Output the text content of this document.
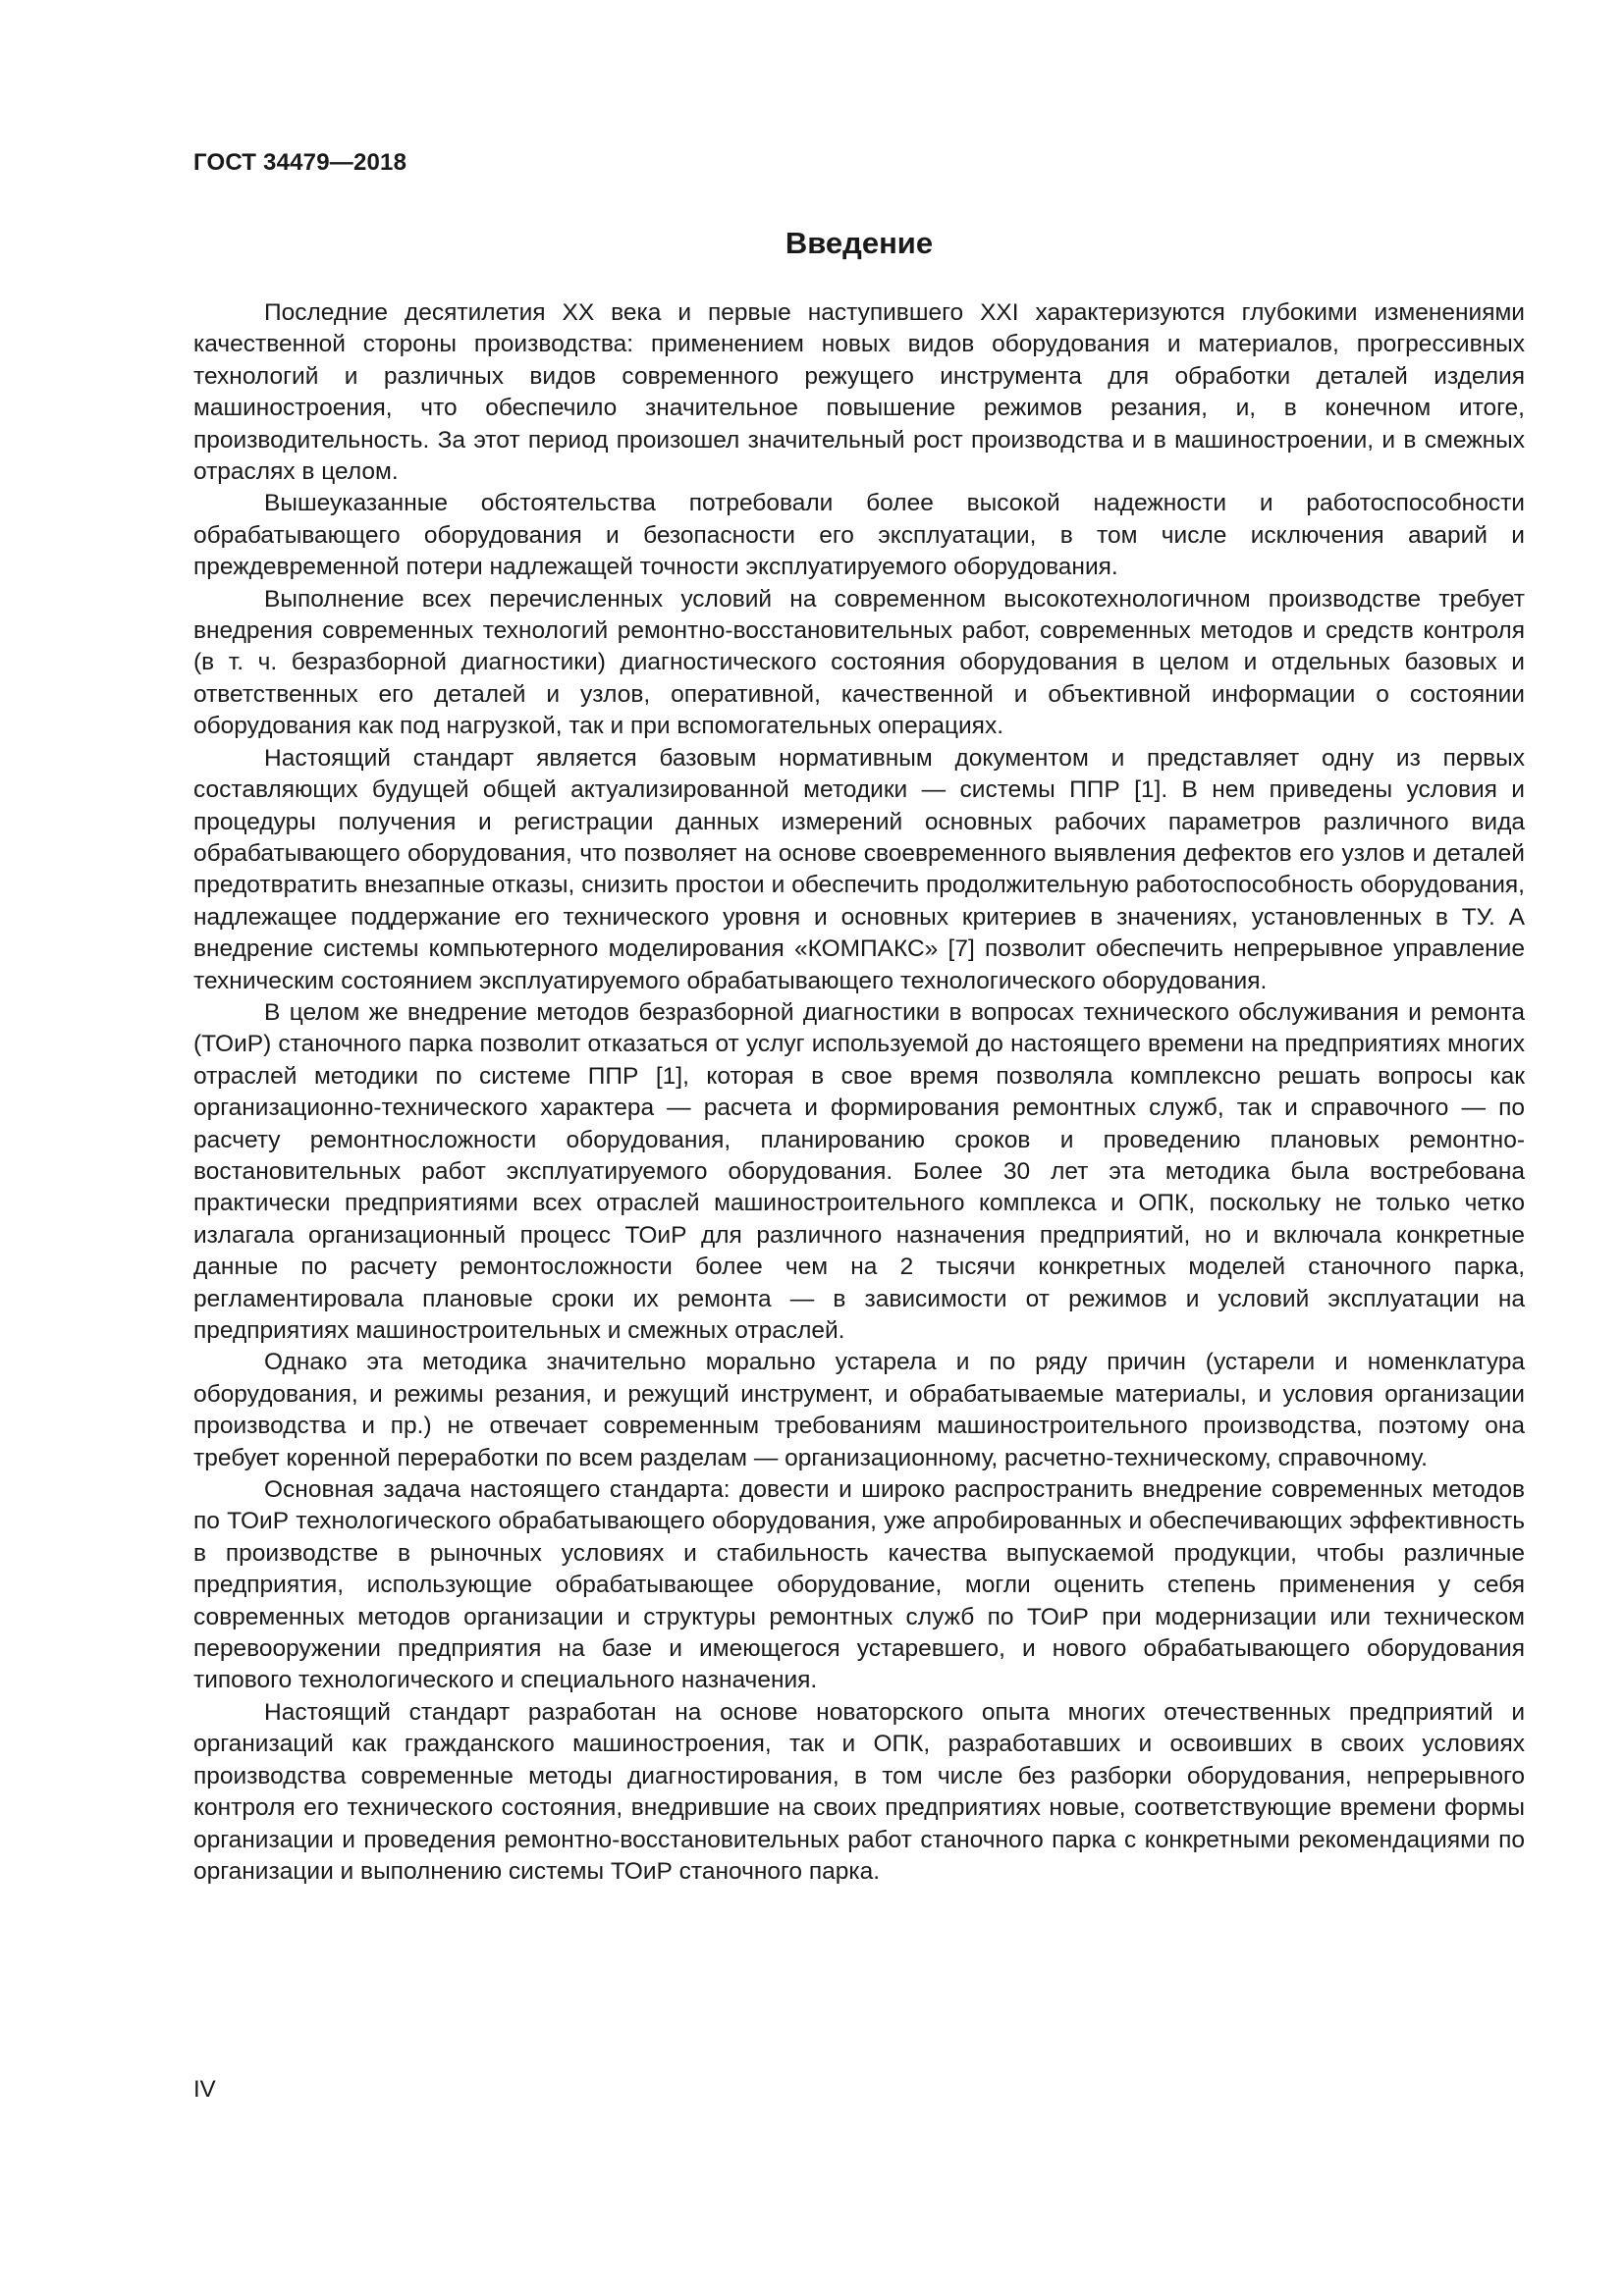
ГОСТ 34479—2018
Введение

Последние десятилетия XX века и первые наступившего XXI характеризуются глубокими изменениями качественной стороны производства: применением новых видов оборудования и материалов, прогрессивных технологий и различных видов современного режущего инструмента для обработки деталей изделия машиностроения, что обеспечило значительное повышение режимов резания, и, в конечном итоге, производительность. За этот период произошел значительный рост производства и в машиностроении, и в смежных отраслях в целом.

Вышеуказанные обстоятельства потребовали более высокой надежности и работоспособности обрабатывающего оборудования и безопасности его эксплуатации, в том числе исключения аварий и преждевременной потери надлежащей точности эксплуатируемого оборудования.

Выполнение всех перечисленных условий на современном высокотехнологичном производстве требует внедрения современных технологий ремонтно-восстановительных работ, современных методов и средств контроля (в т. ч. безразборной диагностики) диагностического состояния оборудования в целом и отдельных базовых и ответственных его деталей и узлов, оперативной, качественной и объективной информации о состоянии оборудования как под нагрузкой, так и при вспомогательных операциях.

Настоящий стандарт является базовым нормативным документом и представляет одну из первых составляющих будущей общей актуализированной методики — системы ППР [1]. В нем приведены условия и процедуры получения и регистрации данных измерений основных рабочих параметров различного вида обрабатывающего оборудования, что позволяет на основе своевременного выявления дефектов его узлов и деталей предотвратить внезапные отказы, снизить простои и обеспечить продолжительную работоспособность оборудования, надлежащее поддержание его технического уровня и основных критериев в значениях, установленных в ТУ. А внедрение системы компьютерного моделирования «КОМПАКС» [7] позволит обеспечить непрерывное управление техническим состоянием эксплуатируемого обрабатывающего технологического оборудования.

В целом же внедрение методов безразборной диагностики в вопросах технического обслуживания и ремонта (ТОиР) станочного парка позволит отказаться от услуг используемой до настоящего времени на предприятиях многих отраслей методики по системе ППР [1], которая в свое время позволяла комплексно решать вопросы как организационно-технического характера — расчета и формирования ремонтных служб, так и справочного — по расчету ремонтносложности оборудования, планированию сроков и проведению плановых ремонтно-востановительных работ эксплуатируемого оборудования. Более 30 лет эта методика была востребована практически предприятиями всех отраслей машиностроительного комплекса и ОПК, поскольку не только четко излагала организационный процесс ТОиР для различного назначения предприятий, но и включала конкретные данные по расчету ремонтосложности более чем на 2 тысячи конкретных моделей станочного парка, регламентировала плановые сроки их ремонта — в зависимости от режимов и условий эксплуатации на предприятиях машиностроительных и смежных отраслей.

Однако эта методика значительно морально устарела и по ряду причин (устарели и номенклатура оборудования, и режимы резания, и режущий инструмент, и обрабатываемые материалы, и условия организации производства и пр.) не отвечает современным требованиям машиностроительного производства, поэтому она требует коренной переработки по всем разделам — организационному, расчетно-техническому, справочному.

Основная задача настоящего стандарта: довести и широко распространить внедрение современных методов по ТОиР технологического обрабатывающего оборудования, уже апробированных и обеспечивающих эффективность в производстве в рыночных условиях и стабильность качества выпускаемой продукции, чтобы различные предприятия, использующие обрабатывающее оборудование, могли оценить степень применения у себя современных методов организации и структуры ремонтных служб по ТОиР при модернизации или техническом перевооружении предприятия на базе и имеющегося устаревшего, и нового обрабатывающего оборудования типового технологического и специального назначения.

Настоящий стандарт разработан на основе новаторского опыта многих отечественных предприятий и организаций как гражданского машиностроения, так и ОПК, разработавших и освоивших в своих условиях производства современные методы диагностирования, в том числе без разборки оборудования, непрерывного контроля его технического состояния, внедрившие на своих предприятиях новые, соответствующие времени формы организации и проведения ремонтно-восстановительных работ станочного парка с конкретными рекомендациями по организации и выполнению системы ТОиР станочного парка.

IV
